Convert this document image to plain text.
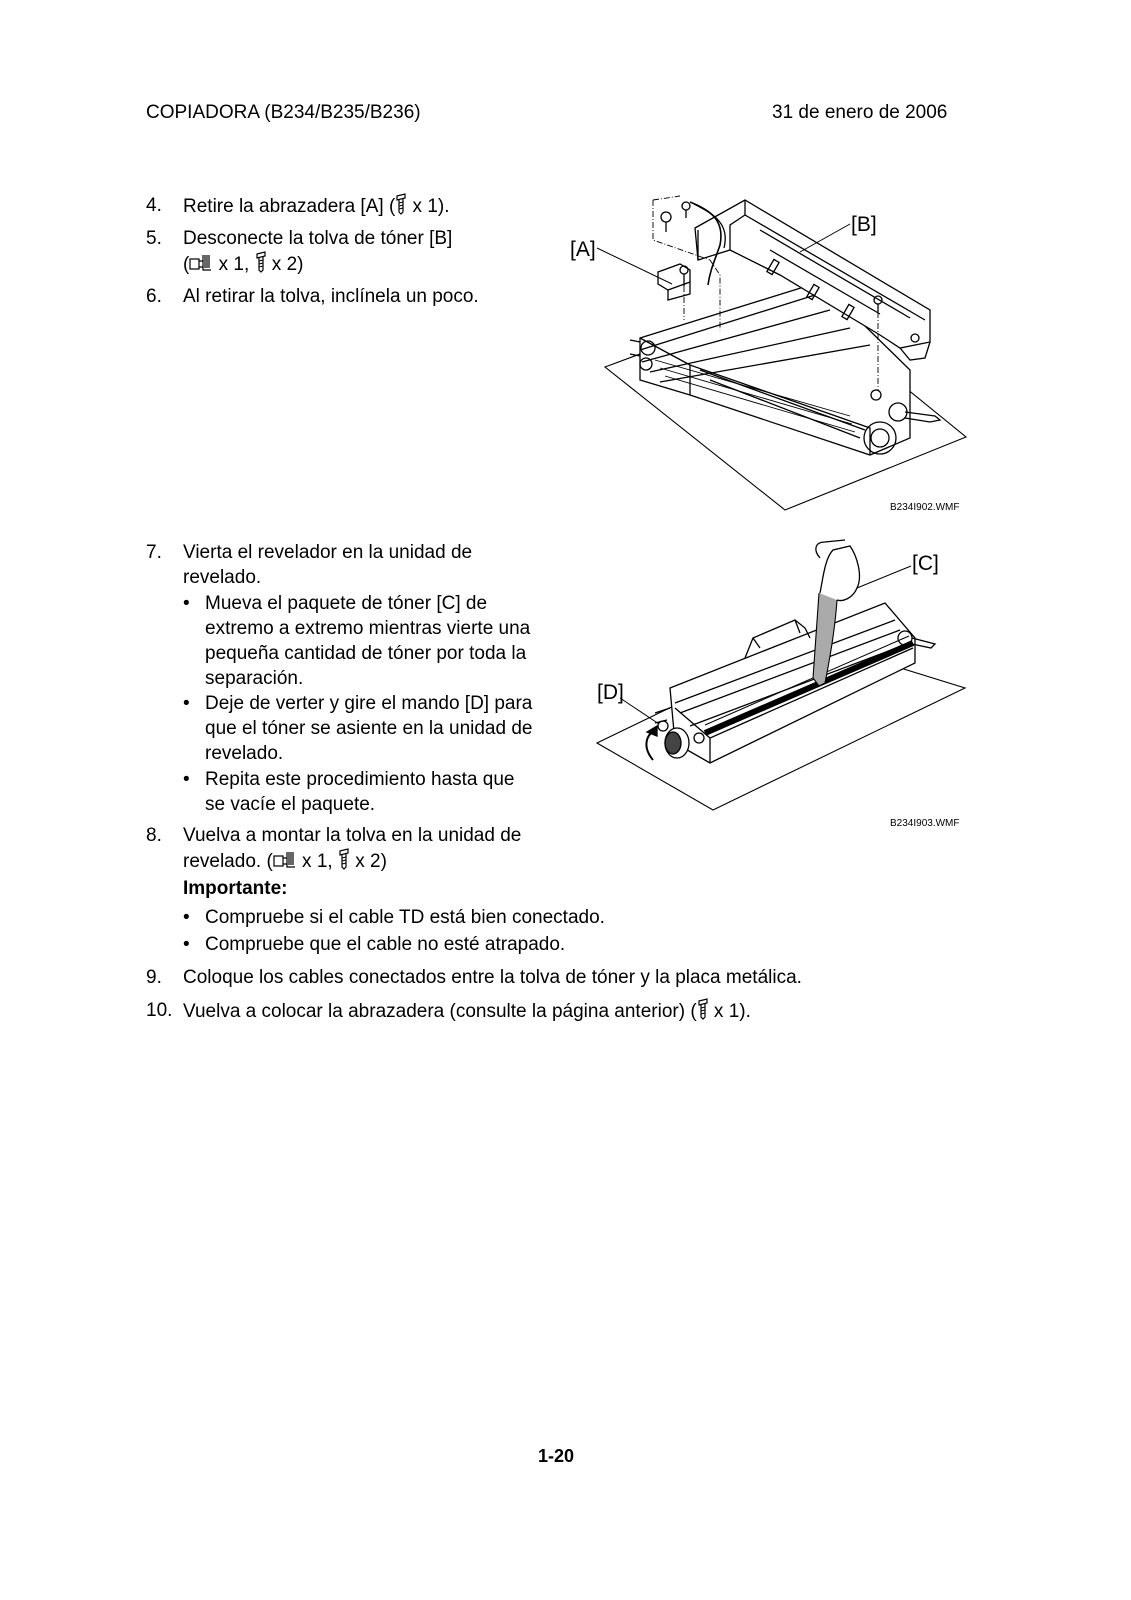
COPIADORA (B234/B235/B236)	31 de enero de 2006
4. Retire la abrazadera [A] ( x 1).
5. Desconecte la tolva de tóner [B]
( x 1,  x 2)
6. Al retirar la tolva, inclínela un poco.
[A]
[B]
B234I902.WMF
7. Vierta el revelador en la unidad de
revelado.
• Mueva el paquete de tóner [C] de
extremo a extremo mientras vierte una
pequeña cantidad de tóner por toda la
separación.
• Deje de verter y gire el mando [D] para
que el tóner se asiente en la unidad de
revelado.
• Repita este procedimiento hasta que
se vacíe el paquete.
[C]
[D]
B234I903.WMF
8. Vuelva a montar la tolva en la unidad de
revelado. ( x 1,  x 2)
Importante:
• Compruebe si el cable TD está bien conectado.
• Compruebe que el cable no esté atrapado.
9. Coloque los cables conectados entre la tolva de tóner y la placa metálica.
10. Vuelva a colocar la abrazadera (consulte la página anterior) ( x 1).
1-20
